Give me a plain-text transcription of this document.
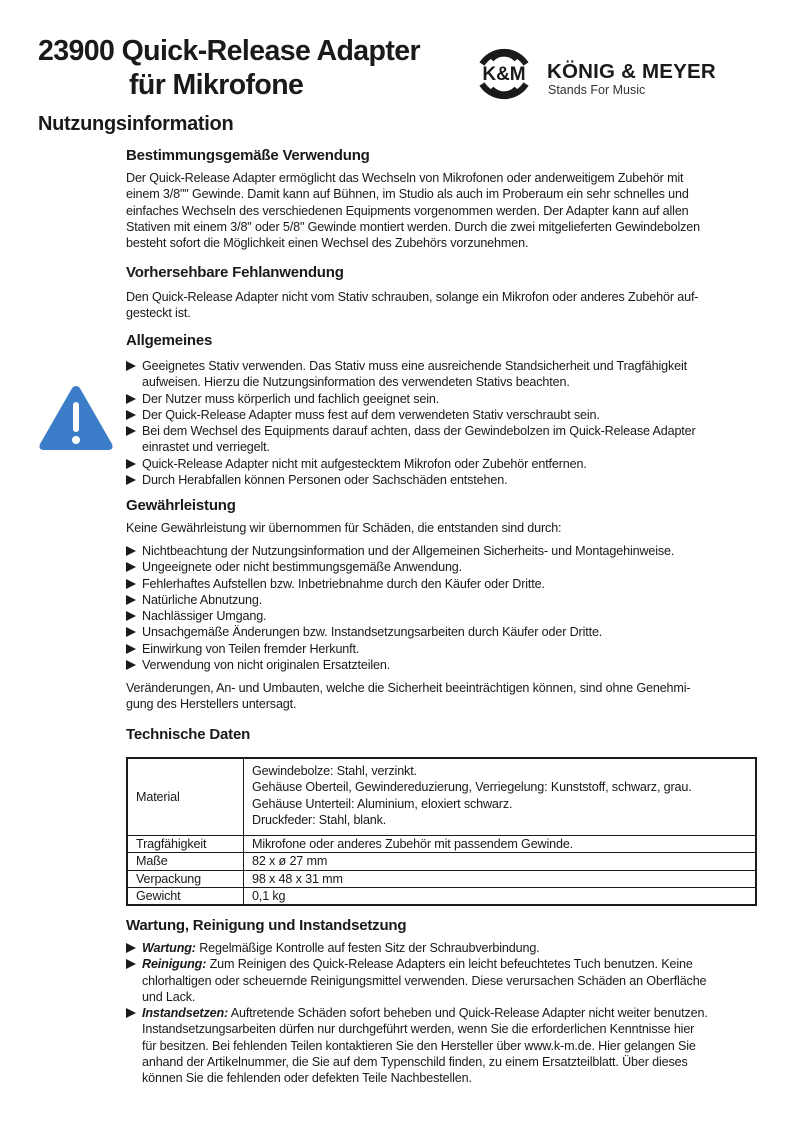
23900 Quick-Release Adapter
für Mikrofone	K&M KÖNIG & MEYER
Stands For Music
Nutzungsinformation
Bestimmungsgemäße Verwendung
Der Quick-Release Adapter ermöglicht das Wechseln von Mikrofonen oder anderweitigem Zubehör mit
einem 3/8"" Gewinde. Damit kann auf Bühnen, im Studio als auch im Proberaum ein sehr schnelles und
einfaches Wechseln des verschiedenen Equipments vorgenommen werden. Der Adapter kann auf allen
Stativen mit einem 3/8" oder 5/8" Gewinde montiert werden. Durch die zwei mitgelieferten Gewindebolzen
besteht sofort die Möglichkeit einen Wechsel des Zubehörs vorzunehmen.
Vorhersehbare Fehlanwendung
Den Quick-Release Adapter nicht vom Stativ schrauben, solange ein Mikrofon oder anderes Zubehör auf-
gesteckt ist.
Allgemeines
Geeignetes Stativ verwenden. Das Stativ muss eine ausreichende Standsicherheit und Tragfähigkeit
aufweisen. Hierzu die Nutzungsinformation des verwendeten Stativs beachten.
Der Nutzer muss körperlich und fachlich geeignet sein.
Der Quick-Release Adapter muss fest auf dem verwendeten Stativ verschraubt sein.
Bei dem Wechsel des Equipments darauf achten, dass der Gewindebolzen im Quick-Release Adapter
einrastet und verriegelt.
Quick-Release Adapter nicht mit aufgestecktem Mikrofon oder Zubehör entfernen.
Durch Herabfallen können Personen oder Sachschäden entstehen.
Gewährleistung
Keine Gewährleistung wir übernommen für Schäden, die entstanden sind durch:
Nichtbeachtung der Nutzungsinformation und der Allgemeinen Sicherheits- und Montagehinweise.
Ungeeignete oder nicht bestimmungsgemäße Anwendung.
Fehlerhaftes Aufstellen bzw. Inbetriebnahme durch den Käufer oder Dritte.
Natürliche Abnutzung.
Nachlässiger Umgang.
Unsachgemäße Änderungen bzw. Instandsetzungsarbeiten durch Käufer oder Dritte.
Einwirkung von Teilen fremder Herkunft.
Verwendung von nicht originalen Ersatzteilen.
Veränderungen, An- und Umbauten, welche die Sicherheit beeinträchtigen können, sind ohne Genehmi-
gung des Herstellers untersagt.
Technische Daten
Material	Gewindebolze: Stahl, verzinkt.
Gehäuse Oberteil, Gewindereduzierung, Verriegelung: Kunststoff, schwarz, grau.
Gehäuse Unterteil: Aluminium, eloxiert schwarz.
Druckfeder: Stahl, blank.

Tragfähigkeit	Mikrofone oder anderes Zubehör mit passendem Gewinde.

Maße	82 x ø 27 mm

Verpackung	98 x 48 x 31 mm

Gewicht	0,1 kg
Wartung, Reinigung und Instandsetzung
Wartung: Regelmäßige Kontrolle auf festen Sitz der Schraubverbindung.
Reinigung: Zum Reinigen des Quick-Release Adapters ein leicht befeuchtetes Tuch benutzen. Keine
chlorhaltigen oder scheuernde Reinigungsmittel verwenden. Diese verursachen Schäden an Oberfläche
und Lack.
Instandsetzen: Auftretende Schäden sofort beheben und Quick-Release Adapter nicht weiter benutzen.
Instandsetzungsarbeiten dürfen nur durchgeführt werden, wenn Sie die erforderlichen Kenntnisse hier
für besitzen. Bei fehlenden Teilen kontaktieren Sie den Hersteller über www.k-m.de. Hier gelangen Sie
anhand der Artikelnummer, die Sie auf dem Typenschild finden, zu einem Ersatzteilblatt. Über dieses
können Sie die fehlenden oder defekten Teile Nachbestellen.
